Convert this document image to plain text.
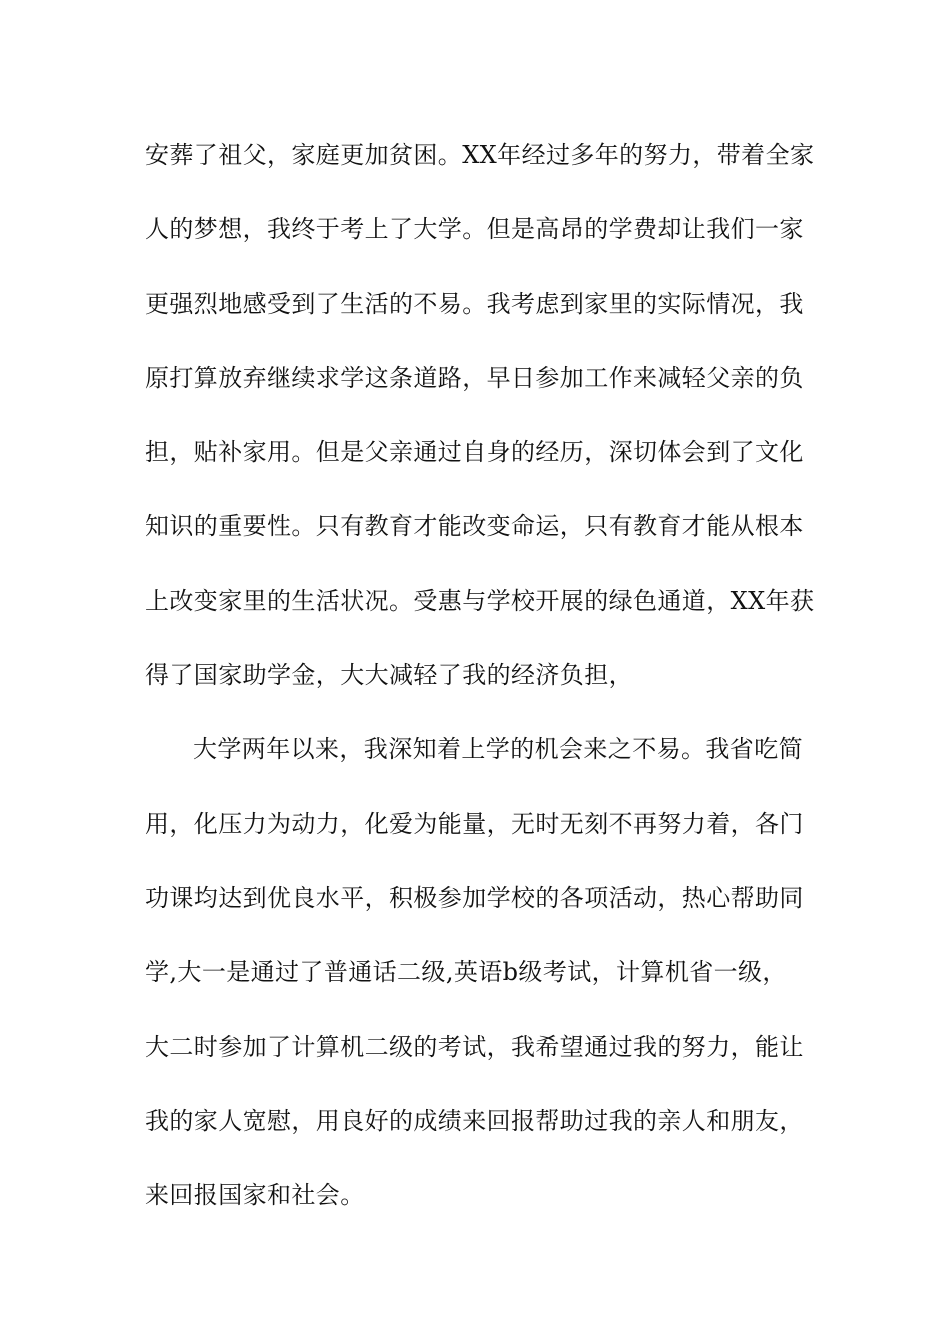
安葬了祖父，家庭更加贫困。XX年经过多年的努力，带着全家
人的梦想，我终于考上了大学。但是高昂的学费却让我们一家
更强烈地感受到了生活的不易。我考虑到家里的实际情况，我
原打算放弃继续求学这条道路，早日参加工作来减轻父亲的负
担，贴补家用。但是父亲通过自身的经历，深切体会到了文化
知识的重要性。只有教育才能改变命运，只有教育才能从根本
上改变家里的生活状况。受惠与学校开展的绿色通道，XX年获
得了国家助学金，大大减轻了我的经济负担，
大学两年以来，我深知着上学的机会来之不易。我省吃简
用，化压力为动力，化爱为能量，无时无刻不再努力着，各门
功课均达到优良水平，积极参加学校的各项活动，热心帮助同
学,大一是通过了普通话二级,英语b级考试，计算机省一级，
大二时参加了计算机二级的考试，我希望通过我的努力，能让
我的家人宽慰，用良好的成绩来回报帮助过我的亲人和朋友，
来回报国家和社会。
